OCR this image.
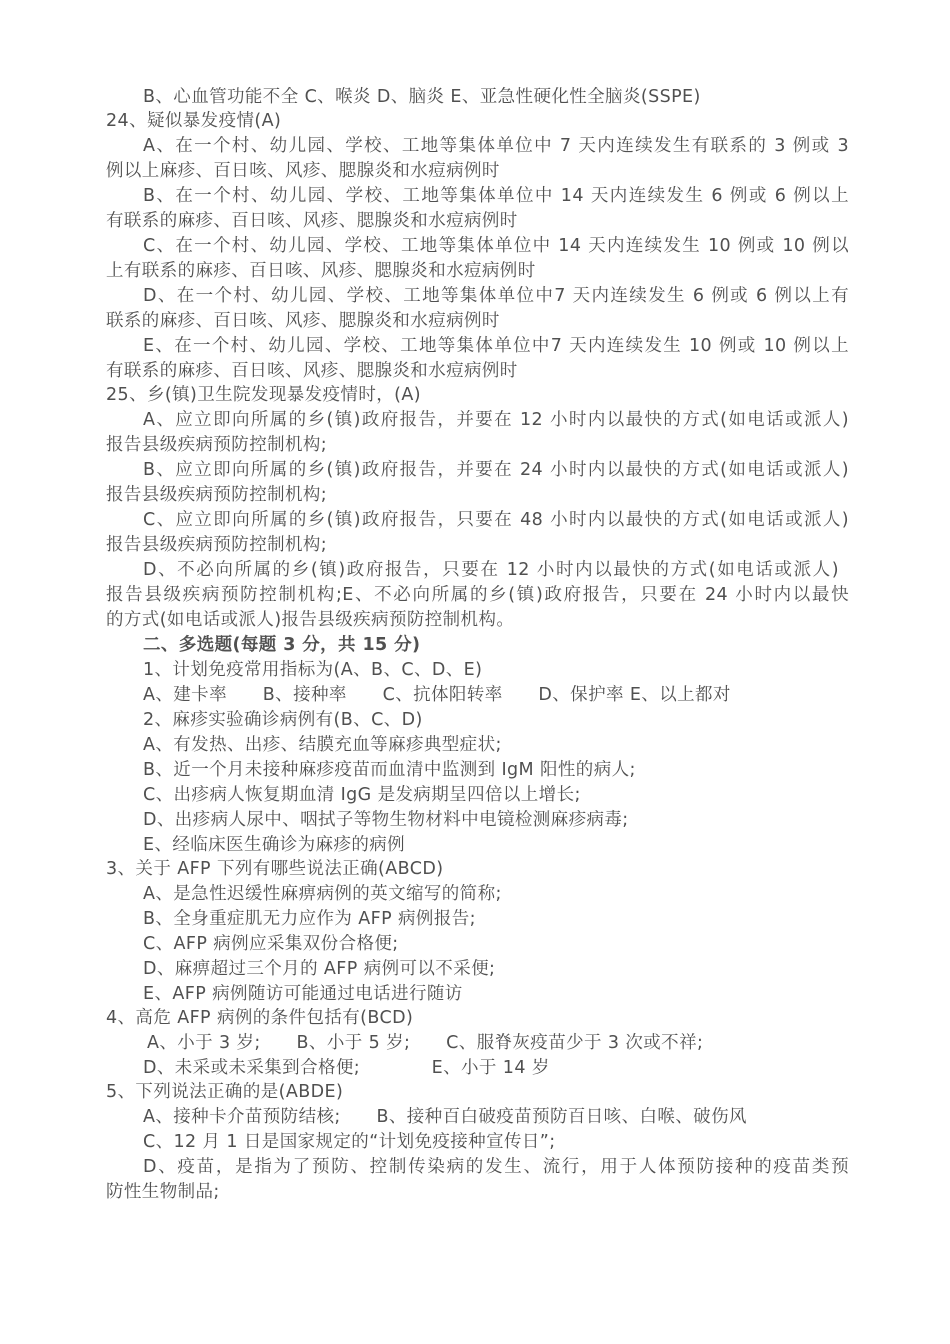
B、心血管功能不全 C、喉炎 D、脑炎 E、亚急性硬化性全脑炎(SSPE)
24、疑似暴发疫情(A)
A、在一个村、幼儿园、学校、工地等集体单位中 7 天内连续发生有联系的 3 例或 3
例以上麻疹、百日咳、风疹、腮腺炎和水痘病例时
B、在一个村、幼儿园、学校、工地等集体单位中 14 天内连续发生 6 例或 6 例以上
有联系的麻疹、百日咳、风疹、腮腺炎和水痘病例时
C、在一个村、幼儿园、学校、工地等集体单位中 14 天内连续发生 10 例或 10 例以
上有联系的麻疹、百日咳、风疹、腮腺炎和水痘病例时
D、在一个村、幼儿园、学校、工地等集体单位中7 天内连续发生 6 例或 6 例以上有
联系的麻疹、百日咳、风疹、腮腺炎和水痘病例时
E、在一个村、幼儿园、学校、工地等集体单位中7 天内连续发生 10 例或 10 例以上
有联系的麻疹、百日咳、风疹、腮腺炎和水痘病例时
25、乡(镇)卫生院发现暴发疫情时，(A)
A、应立即向所属的乡(镇)政府报告，并要在 12 小时内以最快的方式(如电话或派人)
报告县级疾病预防控制机构;
B、应立即向所属的乡(镇)政府报告，并要在 24 小时内以最快的方式(如电话或派人)
报告县级疾病预防控制机构;
C、应立即向所属的乡(镇)政府报告，只要在 48 小时内以最快的方式(如电话或派人)
报告县级疾病预防控制机构;
D、不必向所属的乡(镇)政府报告，只要在 12 小时内以最快的方式(如电话或派人)
报告县级疾病预防控制机构;E、不必向所属的乡(镇)政府报告，只要在 24 小时内以最快
的方式(如电话或派人)报告县级疾病预防控制机构。
二、多选题(每题 3 分，共 15 分)
1、计划免疫常用指标为(A、B、C、D、E)
A、建卡率　　B、接种率　　C、抗体阳转率　　D、保护率 E、以上都对
2、麻疹实验确诊病例有(B、C、D)
A、有发热、出疹、结膜充血等麻疹典型症状;
B、近一个月未接种麻疹疫苗而血清中监测到 IgM 阳性的病人;
C、出疹病人恢复期血清 IgG 是发病期呈四倍以上增长;
D、出疹病人尿中、咽拭子等物生物材料中电镜检测麻疹病毒;
E、经临床医生确诊为麻疹的病例
3、关于 AFP 下列有哪些说法正确(ABCD)
A、是急性迟缓性麻痹病例的英文缩写的简称;
B、全身重症肌无力应作为 AFP 病例报告;
C、AFP 病例应采集双份合格便;
D、麻痹超过三个月的 AFP 病例可以不采便;
E、AFP 病例随访可能通过电话进行随访
4、高危 AFP 病例的条件包括有(BCD)
A、小于 3 岁;　　B、小于 5 岁;　　C、服脊灰疫苗少于 3 次或不祥;
D、未采或未采集到合格便;　　　　E、小于 14 岁
5、下列说法正确的是(ABDE)
A、接种卡介苗预防结核;　　B、接种百白破疫苗预防百日咳、白喉、破伤风
C、12 月 1 日是国家规定的“计划免疫接种宣传日”;
D、疫苗，是指为了预防、控制传染病的发生、流行，用于人体预防接种的疫苗类预
防性生物制品;
